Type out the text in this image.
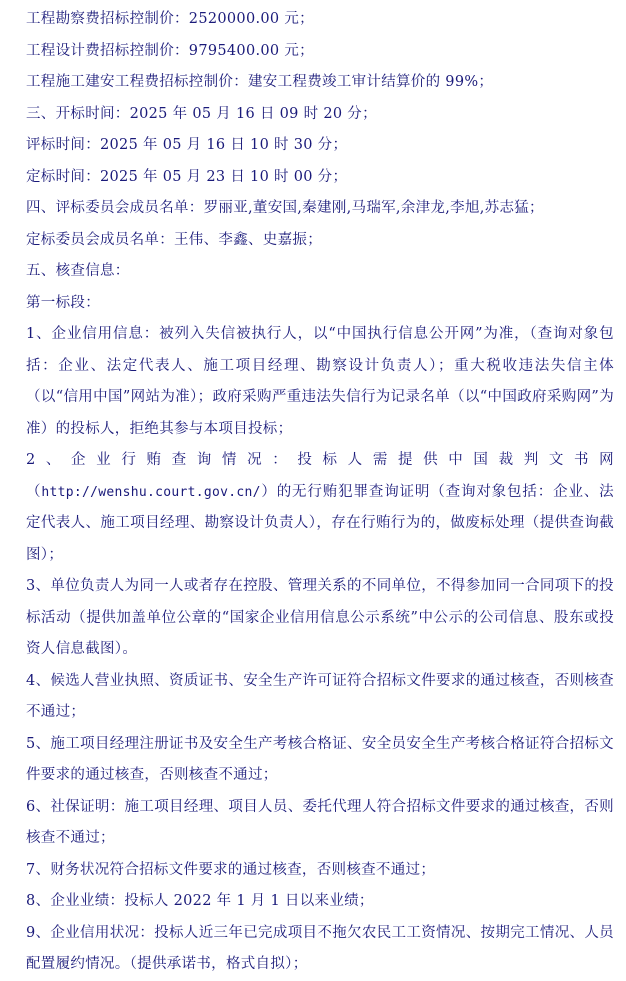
工程勘察费招标控制价：2520000.00 元；
工程设计费招标控制价：9795400.00 元；
工程施工建安工程费招标控制价：建安工程费竣工审计结算价的 99%；
三、开标时间：2025 年 05 月 16 日 09 时 20 分；
评标时间：2025 年 05 月 16 日 10 时 30 分；
定标时间：2025 年 05 月 23 日 10 时 00 分；
四、评标委员会成员名单：罗丽亚,董安国,秦建刚,马瑞军,余津龙,李旭,苏志猛；
定标委员会成员名单：王伟、李鑫、史嘉振；
五、核查信息：
第一标段：
1、企业信用信息：被列入失信被执行人，以“中国执行信息公开网”为准，（查询对象包括：企业、法定代表人、施工项目经理、勘察设计负责人）；重大税收违法失信主体（以“信用中国”网站为准）；政府采购严重违法失信行为记录名单（以“中国政府采购网”为准）的投标人，拒绝其参与本项目投标；
2、企业行贿查询情况：投标人需提供中国裁判文书网（http://wenshu.court.gov.cn/）的无行贿犯罪查询证明（查询对象包括：企业、法定代表人、施工项目经理、勘察设计负责人），存在行贿行为的，做废标处理（提供查询截图）；
3、单位负责人为同一人或者存在控股、管理关系的不同单位，不得参加同一合同项下的投标活动（提供加盖单位公章的“国家企业信用信息公示系统”中公示的公司信息、股东或投资人信息截图）。
4、候选人营业执照、资质证书、安全生产许可证符合招标文件要求的通过核查，否则核查不通过；
5、施工项目经理注册证书及安全生产考核合格证、安全员安全生产考核合格证符合招标文件要求的通过核查，否则核查不通过；
6、社保证明：施工项目经理、项目人员、委托代理人符合招标文件要求的通过核查，否则核查不通过；
7、财务状况符合招标文件要求的通过核查，否则核查不通过；
8、企业业绩：投标人 2022 年 1 月 1 日以来业绩；
9、企业信用状况：投标人近三年已完成项目不拖欠农民工工资情况、按期完工情况、人员配置履约情况。（提供承诺书，格式自拟）；
